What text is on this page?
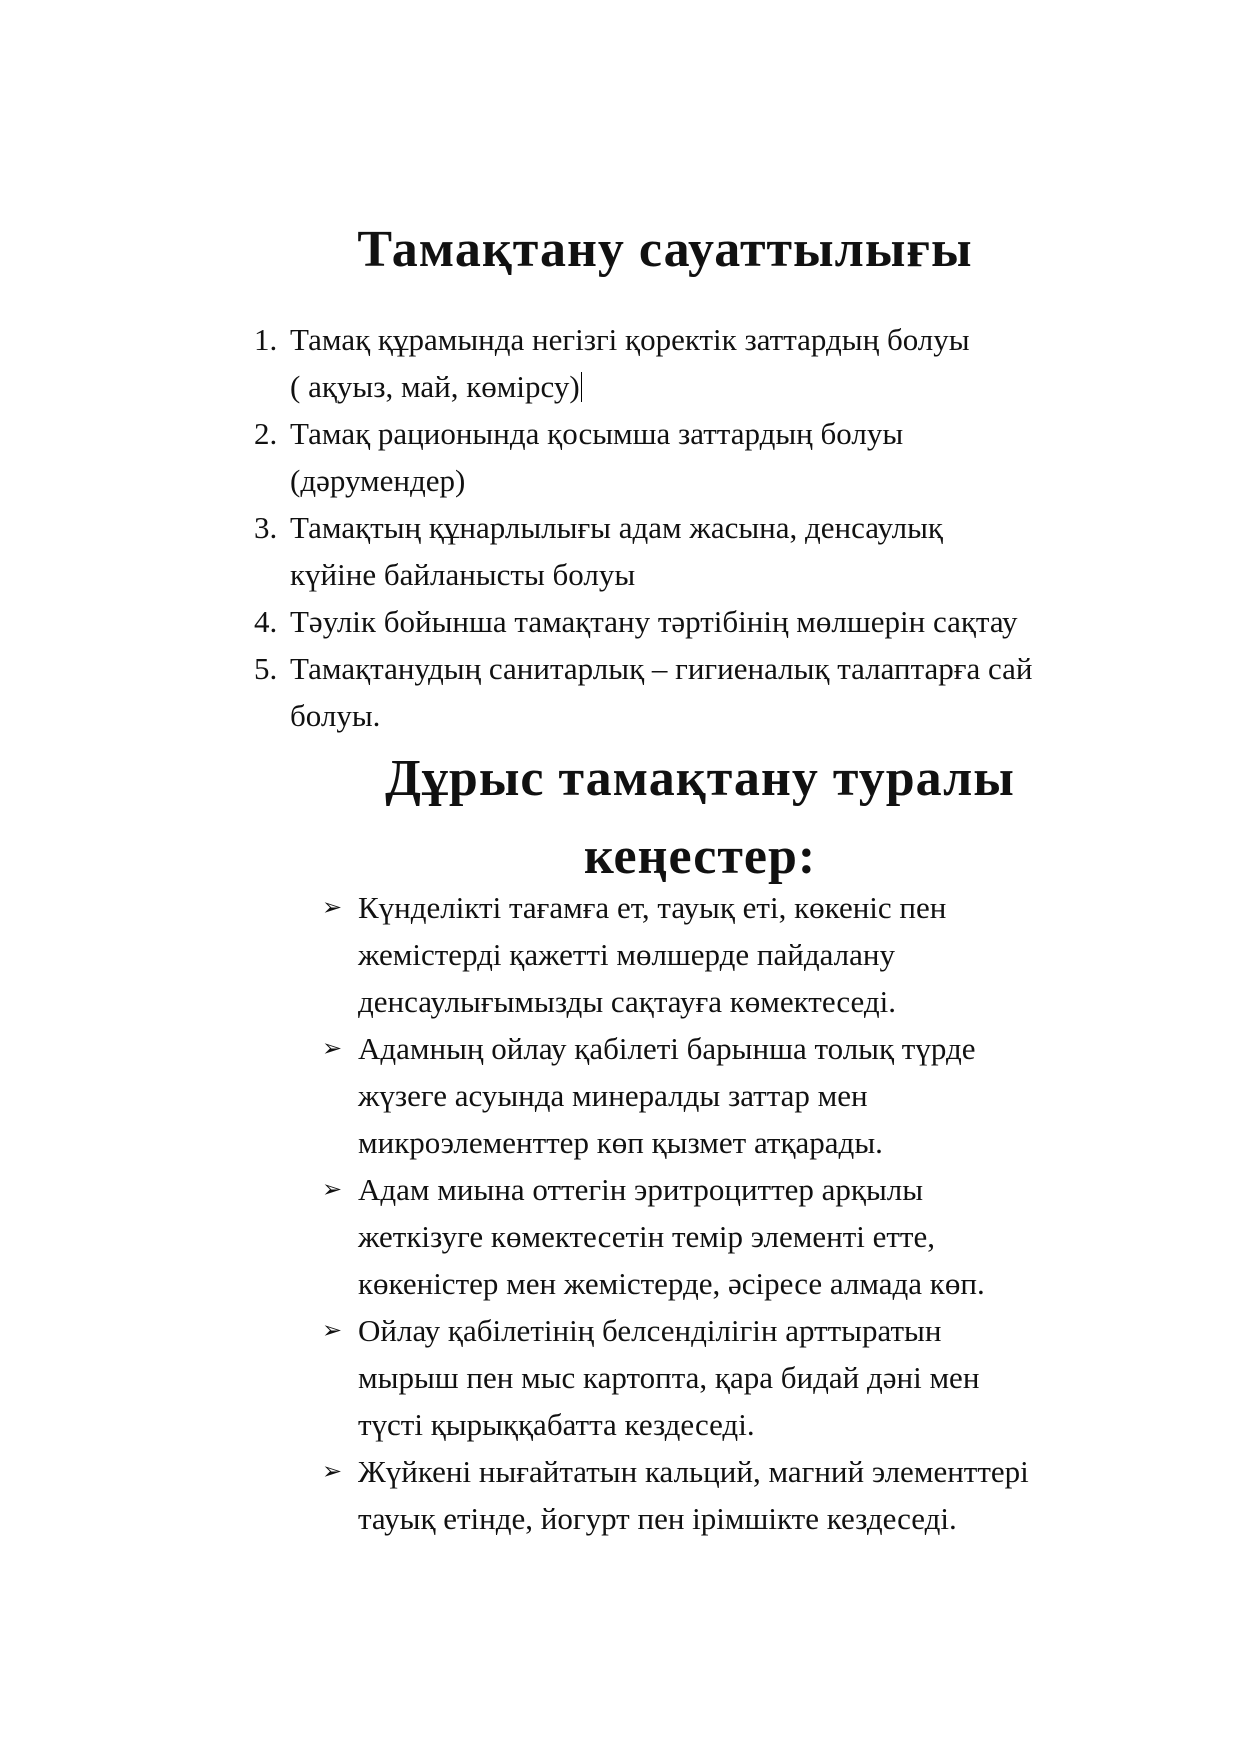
Тамақтану сауаттылығы
1. Тамақ құрамында негізгі қоректік заттардың болуы
( ақуыз, май, көмірсу)
2. Тамақ рационында қосымша заттардың болуы
(дәрумендер)
3. Тамақтың құнарлылығы адам жасына, денсаулық
күйіне байланысты болуы
4. Тәулік бойынша тамақтану тәртібінің мөлшерін сақтау
5. Тамақтанудың санитарлық – гигиеналық талаптарға сай
болуы.
Дұрыс тамақтану туралы
кеңестер:
➢ Күнделікті тағамға ет, тауық еті, көкеніс пен
жемістерді қажетті мөлшерде пайдалану
денсаулығымызды сақтауға көмектеседі.
➢ Адамның ойлау қабілеті барынша толық түрде
жүзеге асуында минералды заттар мен
микроэлементтер көп қызмет атқарады.
➢ Адам миына оттегін эритроциттер арқылы
жеткізуге көмектесетін темір элементі етте,
көкеністер мен жемістерде, әсіресе алмада көп.
➢ Ойлау қабілетінің белсенділігін арттыратын
мырыш пен мыс картопта, қара бидай дәні мен
түсті қырыққабатта кездеседі.
➢ Жүйкені нығайтатын кальций, магний элементтері
тауық етінде, йогурт пен ірімшікте кездеседі.
